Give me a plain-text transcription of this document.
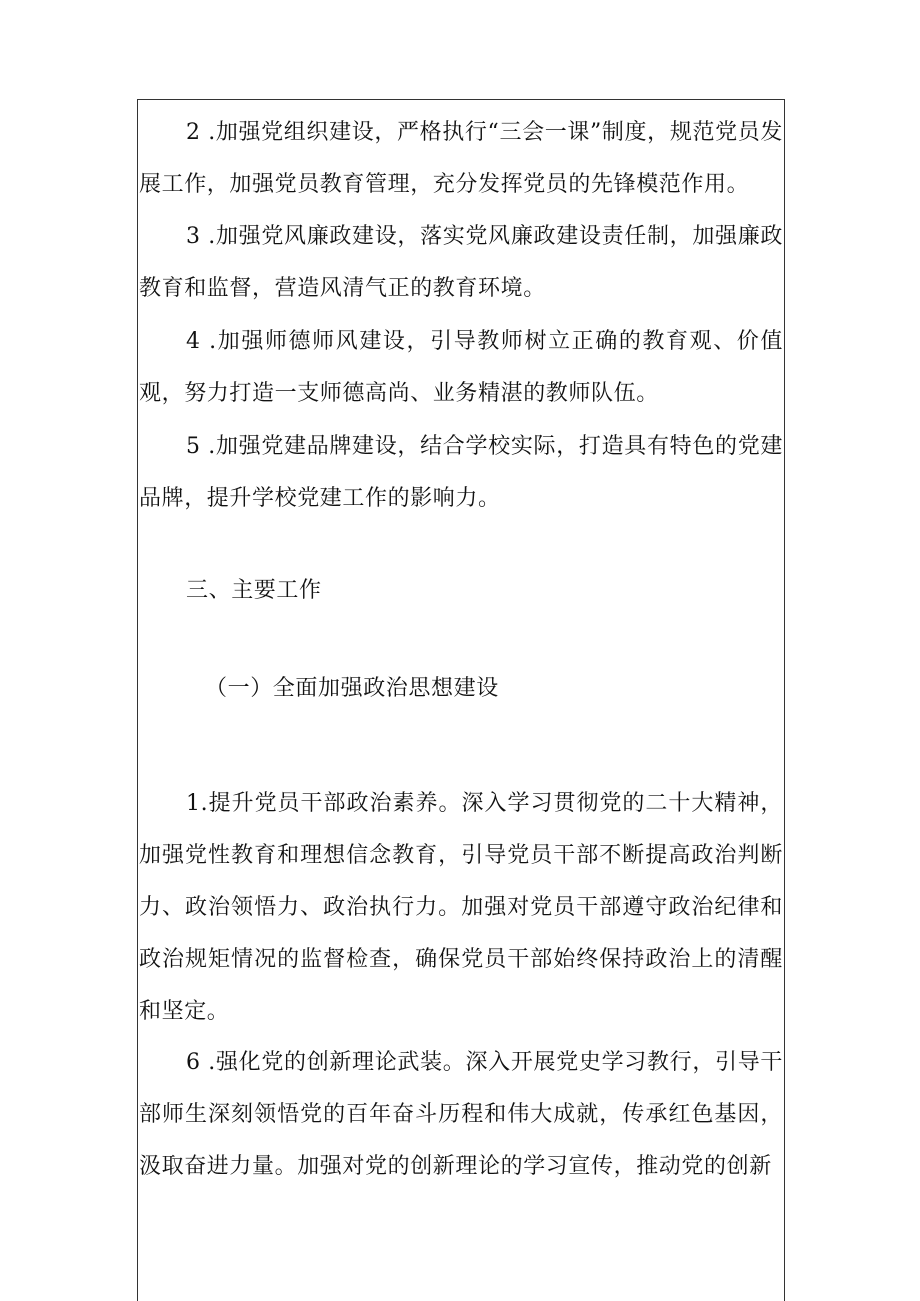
2 .加强党组织建设，严格执行“三会一课”制度，规范党员发展工作，加强党员教育管理，充分发挥党员的先锋模范作用。

3 .加强党风廉政建设，落实党风廉政建设责任制，加强廉政教育和监督，营造风清气正的教育环境。

4 .加强师德师风建设，引导教师树立正确的教育观、价值观，努力打造一支师德高尚、业务精湛的教师队伍。

5 .加强党建品牌建设，结合学校实际，打造具有特色的党建品牌，提升学校党建工作的影响力。

三、主要工作
（一）全面加强政治思想建设

1.提升党员干部政治素养。深入学习贯彻党的二十大精神，加强党性教育和理想信念教育，引导党员干部不断提高政治判断力、政治领悟力、政治执行力。加强对党员干部遵守政治纪律和政治规矩情况的监督检查，确保党员干部始终保持政治上的清醒和坚定。

6 .强化党的创新理论武装。深入开展党史学习教行，引导干部师生深刻领悟党的百年奋斗历程和伟大成就，传承红色基因，汲取奋进力量。加强对党的创新理论的学习宣传，推动党的创新
